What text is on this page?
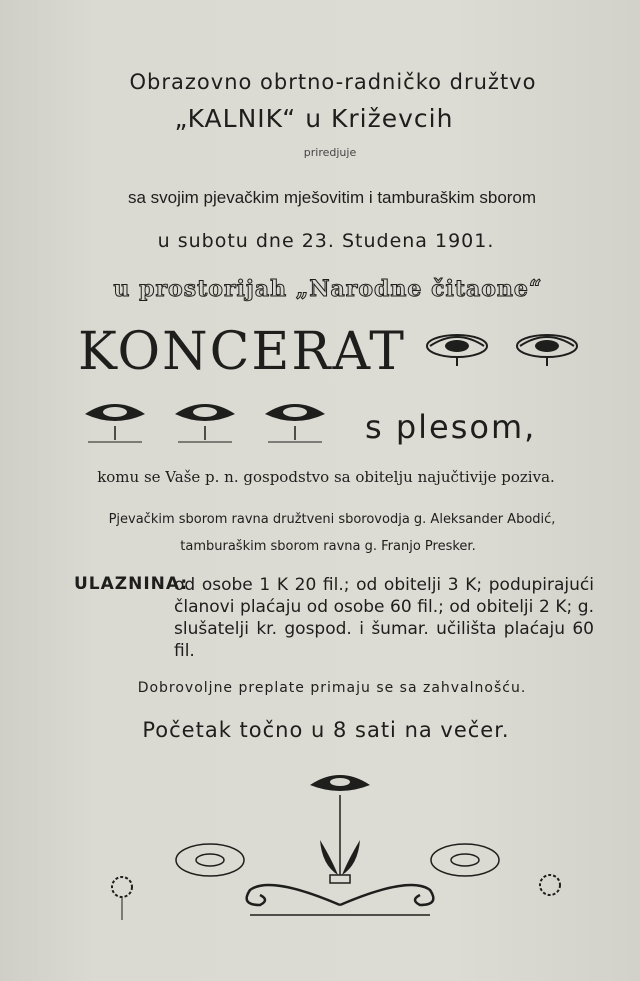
Obrazovno obrtno-radničko družtvo
„KALNIK“ u Križevcih
priredjuje
sa svojim pjevačkim mješovitim i tamburaškim sborom
u subotu dne 23. Studena 1901.
u prostorijah „Narodne čitaone“
KONCERAT
s plesom,
komu se Vaše p. n. gospodstvo sa obitelju najučtivije poziva.
Pjevačkim sborom ravna družtveni sborovodja g. Aleksander Abodić,
tamburaškim sborom ravna g. Franjo Presker.
ULAZNINA:
od osobe 1 K 20 fil.; od obitelji 3 K; podupirajući članovi plaćaju od osobe 60 fil.; od obitelji 2 K; g. slušatelji kr. gospod. i šumar. učilišta plaćaju 60 fil.
Dobrovoljne preplate primaju se sa zahvalnošću.
Početak točno u 8 sati na večer.
